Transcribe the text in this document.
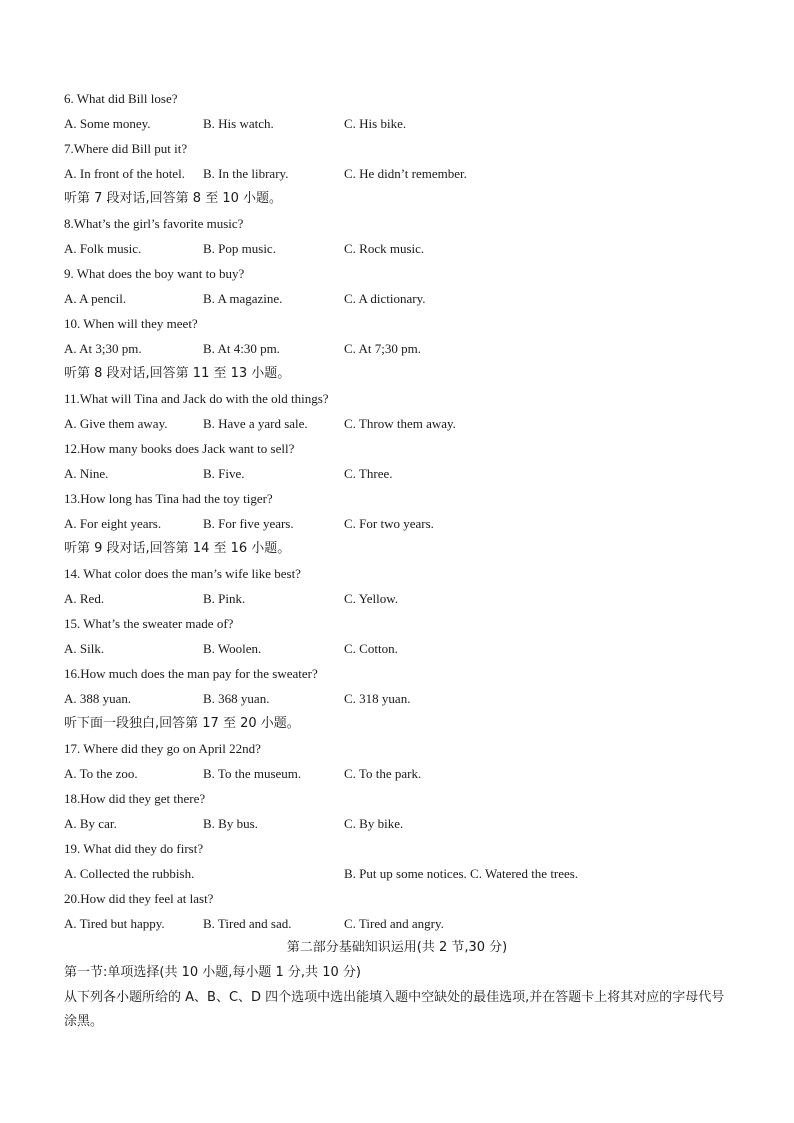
6. What did Bill lose?
A. Some money.	B. His watch.	C. His bike.
7.Where did Bill put it?
A. In front of the hotel. B. In the library.	C. He didn’t remember.
听第 7 段对话,回答第 8 至 10 小题。
8.What’s the girl’s favorite music?
A. Folk music.	B. Pop music.	C. Rock music.
9. What does the boy want to buy?
A. A pencil.	B. A magazine.	C. A dictionary.
10. When will they meet?
A. At 3;30 pm.	B. At 4:30 pm.	C. At 7;30 pm.
听第 8 段对话,回答第 11 至 13 小题。
11.What will Tina and Jack do with the old things?
A. Give them away.	B. Have a yard sale.	C. Throw them away.
12.How many books does Jack want to sell?
A. Nine.	B. Five.	C. Three.
13.How long has Tina had the toy tiger?
A. For eight years.	B. For five years.	C. For two years.
听第 9 段对话,回答第 14 至 16 小题。
14. What color does the man’s wife like best?
A. Red.	B. Pink.	C. Yellow.
15. What’s the sweater made of?
A. Silk.	B. Woolen.	C. Cotton.
16.How much does the man pay for the sweater?
A. 388 yuan.	B. 368 yuan.	C. 318 yuan.
听下面一段独白,回答第 17 至 20 小题。
17. Where did they go on April 22nd?
A. To the zoo.	B. To the museum.	C. To the park.
18.How did they get there?
A. By car.	B. By bus.	C. By bike.
19. What did they do first?
A. Collected the rubbish.	B. Put up some notices. C. Watered the trees.
20.How did they feel at last?
A. Tired but happy.	B. Tired and sad.	C. Tired and angry.
第二部分基础知识运用(共 2 节,30 分)
第一节:单项选择(共 10 小题,每小题 1 分,共 10 分)
从下列各小题所给的 A、B、C、D 四个选项中选出能填入题中空缺处的最佳选项,并在答题卡上将其对应的字母代号涂黑。
